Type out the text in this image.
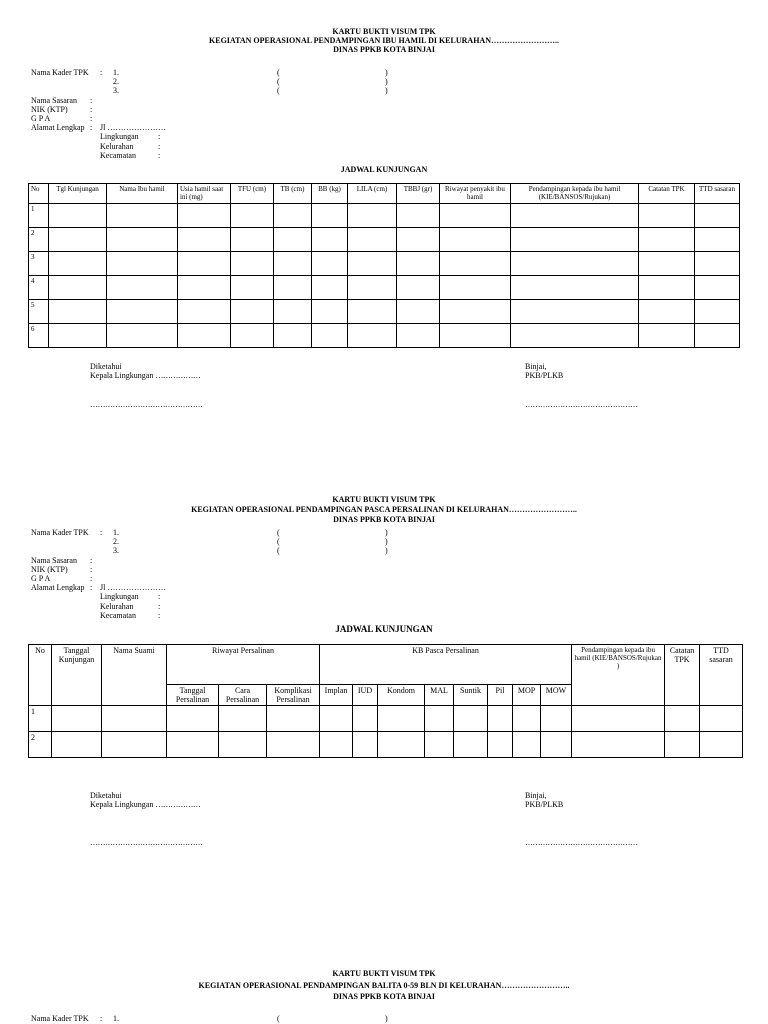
KARTU BUKTI VISUM TPK
KEGIATAN OPERASIONAL PENDAMPINGAN IBU HAMIL DI KELURAHAN……………………..
DINAS PPKB KOTA BINJAI
Nama Kader TPK : 1.	(	)
2.	(	)
3.	(	)
Nama Sasaran :
NIK (KTP)	:
G P A	:
Alamat Lengkap : Jl ………………….
Lingkungan :
Kelurahan	:
Kecamatan	:
JADWAL KUNJUNGAN
No	Tgl Kunjungan	Nama Ibu hamil	Usia hamil saat ini (mg)	TFU (cm)	TB (cm)	BB (kg)	LILA (cm)	TBBJ (gr)	Riwayat penyakit ibu hamil	Pendampingan kepada ibu hamil (KIE/BANSOS/Rujukan)	Catatan TPK	TTD sasaran
1												
2												
3												
4												
5												
6												
Diketahui
Kepala Lingkungan ………………
Binjai,
PKB/PLKB
………………………………………	………………………………………
KARTU BUKTI VISUM TPK
KEGIATAN OPERASIONAL PENDAMPINGAN PASCA PERSALINAN DI KELURAHAN……………………..
DINAS PPKB KOTA BINJAI
Nama Kader TPK : 1.	(	)
2.	(	)
3.	(	)
Nama Sasaran :
NIK (KTP)	:
G P A	:
Alamat Lengkap : Jl ………………….
Lingkungan :
Kelurahan	:
Kecamatan	:
JADWAL KUNJUNGAN
No	Tanggal Kunjungan	Nama Suami	Riwayat Persalinan			KB Pasca Persalinan								Pendampingan kepada ibu hamil (KIE/BANSOS/Rujukan )	Catatan TPK	TTD sasaran
			Tanggal Persalinan	Cara Persalinan	Komplikasi Persalinan	Implan	IUD	Kondom	MAL	Suntik	Pil	MOP	MOW			
1																
2																
Diketahui
Kepala Lingkungan ………………
Binjai,
PKB/PLKB
………………………………………	………………………………………
KARTU BUKTI VISUM TPK
KEGIATAN OPERASIONAL PENDAMPINGAN BALITA 0-59 BLN DI KELURAHAN……………………..
DINAS PPKB KOTA BINJAI
Nama Kader TPK : 1.	(	)
